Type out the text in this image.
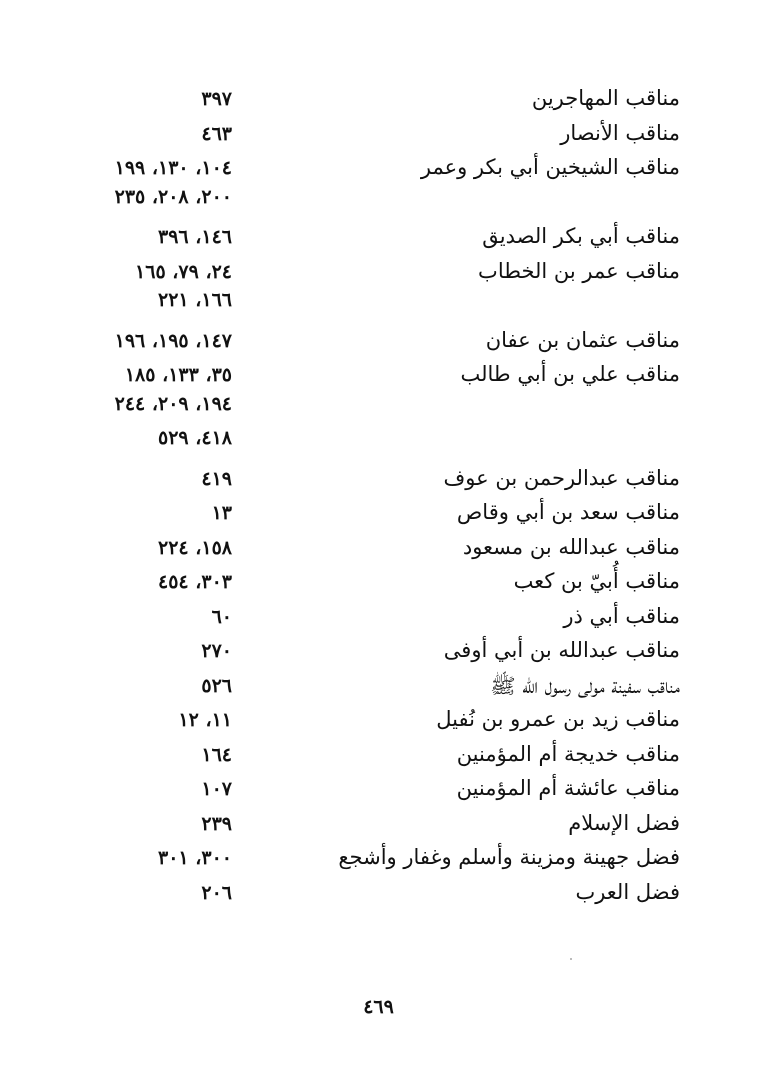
مناقب المهاجرين
٣٩٧
مناقب الأنصار
٤٦٣
مناقب الشيخين أبي بكر وعمر
١٠٤، ١٣٠، ١٩٩
٢٠٠، ٢٠٨، ٢٣٥
مناقب أبي بكر الصديق
١٤٦، ٣٩٦
مناقب عمر بن الخطاب
٢٤، ٧٩، ١٦٥
١٦٦، ٢٢١
مناقب عثمان بن عفان
١٤٧، ١٩٥، ١٩٦
مناقب علي بن أبي طالب
٣٥، ١٣٣، ١٨٥
١٩٤، ٢٠٩، ٢٤٤
٤١٨، ٥٢٩
مناقب عبدالرحمن بن عوف
٤١٩
مناقب سعد بن أبي وقاص
١٣
مناقب عبدالله بن مسعود
١٥٨، ٢٢٤
مناقب أُبيّ بن كعب
٣٠٣، ٤٥٤
مناقب أبي ذر
٦٠
مناقب عبدالله بن أبي أوفى
٢٧٠
مناقب سفينة مولى رسول الله ﷺ
٥٢٦
مناقب زيد بن عمرو بن نُفيل
١١، ١٢
مناقب خديجة أم المؤمنين
١٦٤
مناقب عائشة أم المؤمنين
١٠٧
فضل الإسلام
٢٣٩
فضل جهينة ومزينة وأسلم وغفار وأشجع
٣٠٠، ٣٠١
فضل العرب
٢٠٦
٤٦٩
